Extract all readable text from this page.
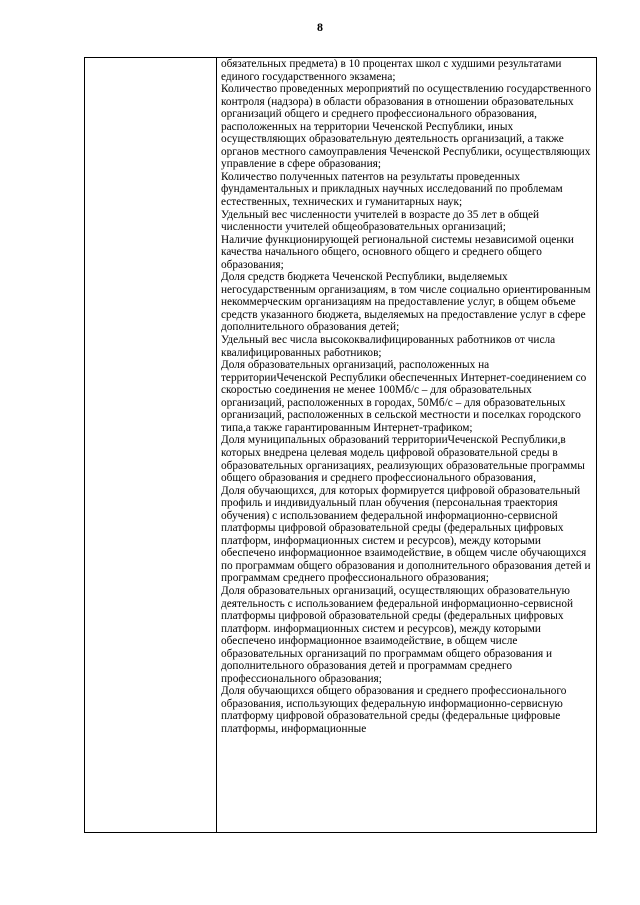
8

обязательных предмета) в 10 процентах школ с худшими результатами единого государственного экзамена;

Количество проведенных мероприятий по осуществлению государственного контроля (надзора) в области образования в отношении образовательных организаций общего и среднего профессионального образования, расположенных на территории Чеченской Республики, иных осуществляющих образовательную деятельность организаций, а также органов местного самоуправления Чеченской Республики, осуществляющих управление в сфере образования;

Количество полученных патентов на результаты проведенных фундаментальных и прикладных научных исследований по проблемам естественных, технических и гуманитарных наук;

Удельный вес численности учителей в возрасте до 35 лет в общей численности учителей общеобразовательных организаций;

Наличие функционирующей региональной системы независимой оценки качества начального общего, основного общего и среднего общего образования;

Доля средств бюджета Чеченской Республики, выделяемых негосударственным организациям, в том числе социально ориентированным некоммерческим организациям на предоставление услуг, в общем объеме средств указанного бюджета, выделяемых на предоставление услуг в сфере дополнительного образования детей;

Удельный вес числа высококвалифицированных работников от числа квалифицированных работников;

Доля образовательных организаций, расположенных на территорииЧеченской Республики обеспеченных Интернет-соединением со скоростью соединения не менее 100Мб/c – для образовательных организаций, расположенных в городах, 50Мб/c – для образовательных организаций, расположенных в сельской местности и поселках городского типа,а также гарантированным Интернет-трафиком;

Доля муниципальных образований территорииЧеченской Республики,в которых внедрена целевая модель цифровой образовательной среды в образовательных организациях, реализующих образовательные программы общего образования и среднего профессионального образования,

Доля обучающихся, для которых формируется цифровой образовательный профиль и индивидуальный план обучения (персональная траектория обучения) с использованием федеральной информационно-сервисной платформы цифровой образовательной среды (федеральных цифровых платформ, информационных систем и ресурсов), между которыми обеспечено информационное взаимодействие, в общем числе обучающихся по программам общего образования и дополнительного образования детей и программам среднего профессионального образования;

Доля образовательных организаций, осуществляющих образовательную деятельность с использованием федеральной информационно-сервисной платформы цифровой образовательной среды (федеральных цифровых платформ. информационных систем и ресурсов), между которыми обеспечено информационное взаимодействие, в общем числе образовательных организаций по программам общего образования и дополнительного образования детей и программам среднего профессионального образования;

Доля обучающихся общего образования и среднего профессионального образования, использующих федеральную информационно-сервисную платформу цифровой образовательной среды (федеральные цифровые платформы, информационные
